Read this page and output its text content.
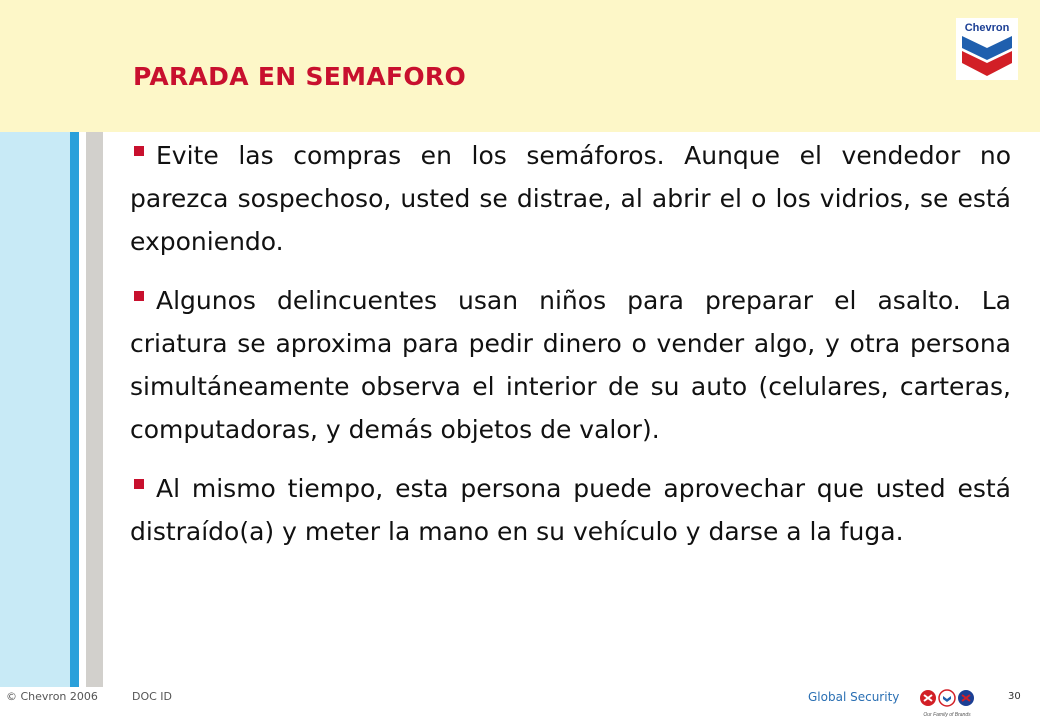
PARADA EN SEMAFORO
Chevron

Evite las compras en los semáforos. Aunque el vendedor no parezca sospechoso, usted se distrae, al abrir el o los vidrios, se está exponiendo.

Algunos delincuentes usan niños para preparar el asalto. La criatura se aproxima para pedir dinero o vender algo, y otra persona simultáneamente observa el interior de su auto (celulares, carteras, computadoras, y demás objetos de valor).

Al mismo tiempo, esta persona puede aprovechar que usted está distraído(a) y meter la mano en su vehículo y darse a la fuga.

© Chevron 2006	DOC ID	Global Security
Our Family of Brands
30
